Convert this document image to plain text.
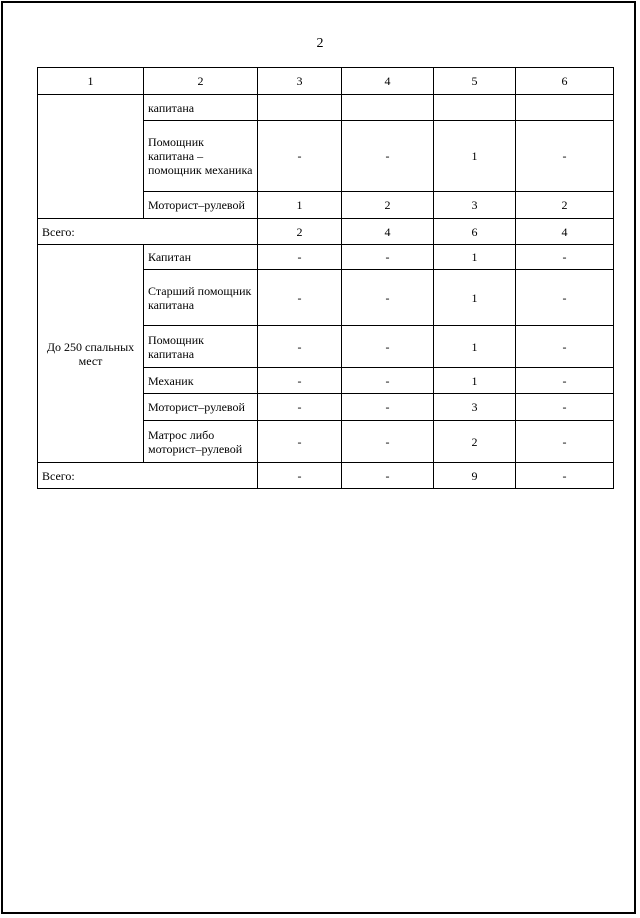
2
1	2	3	4	5	6
	капитана				
	Помощник капитана – помощник механика	-	-	1	-
	Моторист–рулевой	1	2	3	2
Всего:		2	4	6	4
До 250 спальных мест	Капитан	-	-	1	-
	Старший помощник капитана	-	-	1	-
	Помощник капитана	-	-	1	-
	Механик	-	-	1	-
	Моторист–рулевой	-	-	3	-
	Матрос либо моторист–рулевой	-	-	2	-
Всего:		-	-	9	-
